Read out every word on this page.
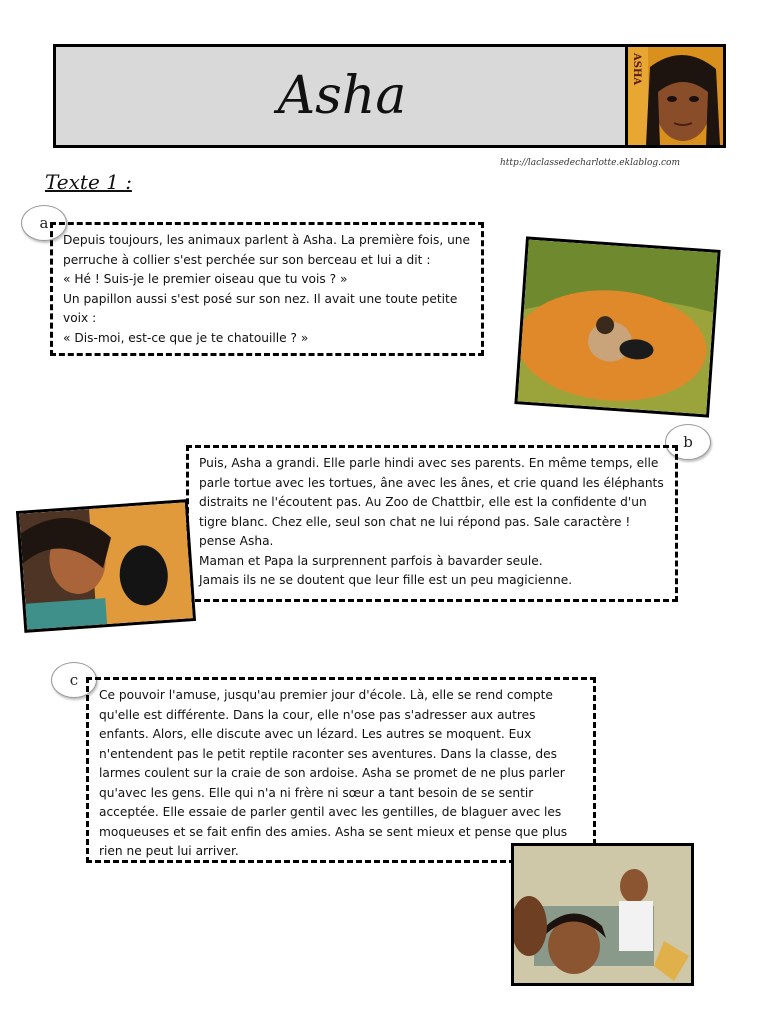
Asha	ASHA
http://laclassedecharlotte.eklablog.com
Texte 1 :
a

Depuis toujours, les animaux parlent à Asha. La première fois, une perruche à collier s'est perchée sur son berceau et lui a dit :

« Hé ! Suis-je le premier oiseau que tu vois ? »

Un papillon aussi s'est posé sur son nez. Il avait une toute petite voix :

« Dis-moi, est-ce que je te chatouille ? »

b

Puis, Asha a grandi. Elle parle hindi avec ses parents. En même temps, elle parle tortue avec les tortues, âne avec les ânes, et crie quand les éléphants distraits ne l'écoutent pas. Au Zoo de Chattbir, elle est la confidente d'un tigre blanc. Chez elle, seul son chat ne lui répond pas. Sale caractère ! pense Asha.

Maman et Papa la surprennent parfois à bavarder seule.

Jamais ils ne se doutent que leur fille est un peu magicienne.

c

Ce pouvoir l'amuse, jusqu'au premier jour d'école. Là, elle se rend compte qu'elle est différente. Dans la cour, elle n'ose pas s'adresser aux autres enfants. Alors, elle discute avec un lézard. Les autres se moquent. Eux n'entendent pas le petit reptile raconter ses aventures. Dans la classe, des larmes coulent sur la craie de son ardoise. Asha se promet de ne plus parler qu'avec les gens. Elle qui n'a ni frère ni sœur a tant besoin de se sentir acceptée. Elle essaie de parler gentil avec les gentilles, de blaguer avec les moqueuses et se fait enfin des amies. Asha se sent mieux et pense que plus rien ne peut lui arriver.
